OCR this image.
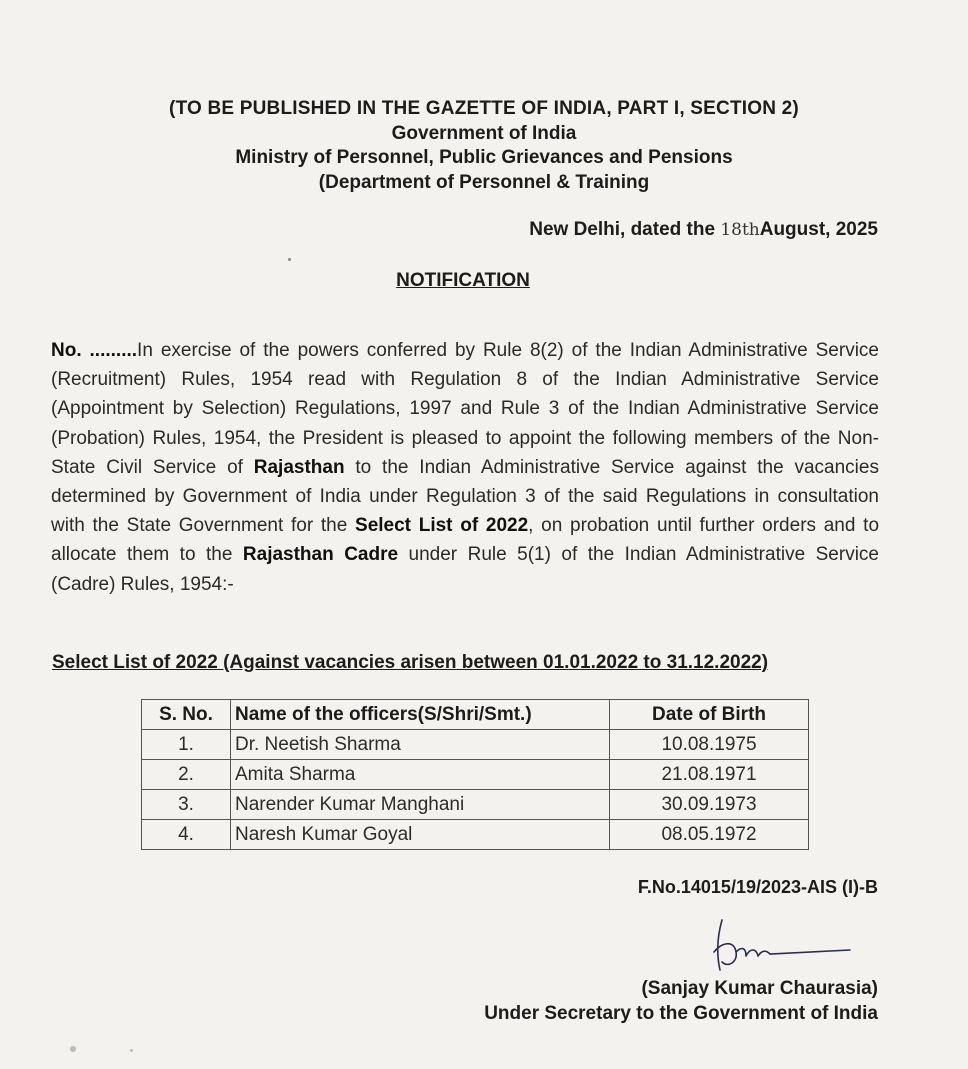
(TO BE PUBLISHED IN THE GAZETTE OF INDIA, PART I, SECTION 2)
Government of India
Ministry of Personnel, Public Grievances and Pensions
(Department of Personnel & Training
New Delhi, dated the 18thAugust, 2025
NOTIFICATION
No. .........In exercise of the powers conferred by Rule 8(2) of the Indian Administrative Service (Recruitment) Rules, 1954 read with Regulation 8 of the Indian Administrative Service (Appointment by Selection) Regulations, 1997 and Rule 3 of the Indian Administrative Service (Probation) Rules, 1954, the President is pleased to appoint the following members of the Non-State Civil Service of Rajasthan to the Indian Administrative Service against the vacancies determined by Government of India under Regulation 3 of the said Regulations in consultation with the State Government for the Select List of 2022, on probation until further orders and to allocate them to the Rajasthan Cadre under Rule 5(1) of the Indian Administrative Service (Cadre) Rules, 1954:-
Select List of 2022 (Against vacancies arisen between 01.01.2022 to 31.12.2022)
S. No.	Name of the officers(S/Shri/Smt.)	Date of Birth
1.	Dr. Neetish Sharma	10.08.1975
2.	Amita Sharma	21.08.1971
3.	Narender Kumar Manghani	30.09.1973
4.	Naresh Kumar Goyal	08.05.1972
F.No.14015/19/2023-AIS (I)-B
(Sanjay Kumar Chaurasia)
Under Secretary to the Government of India
